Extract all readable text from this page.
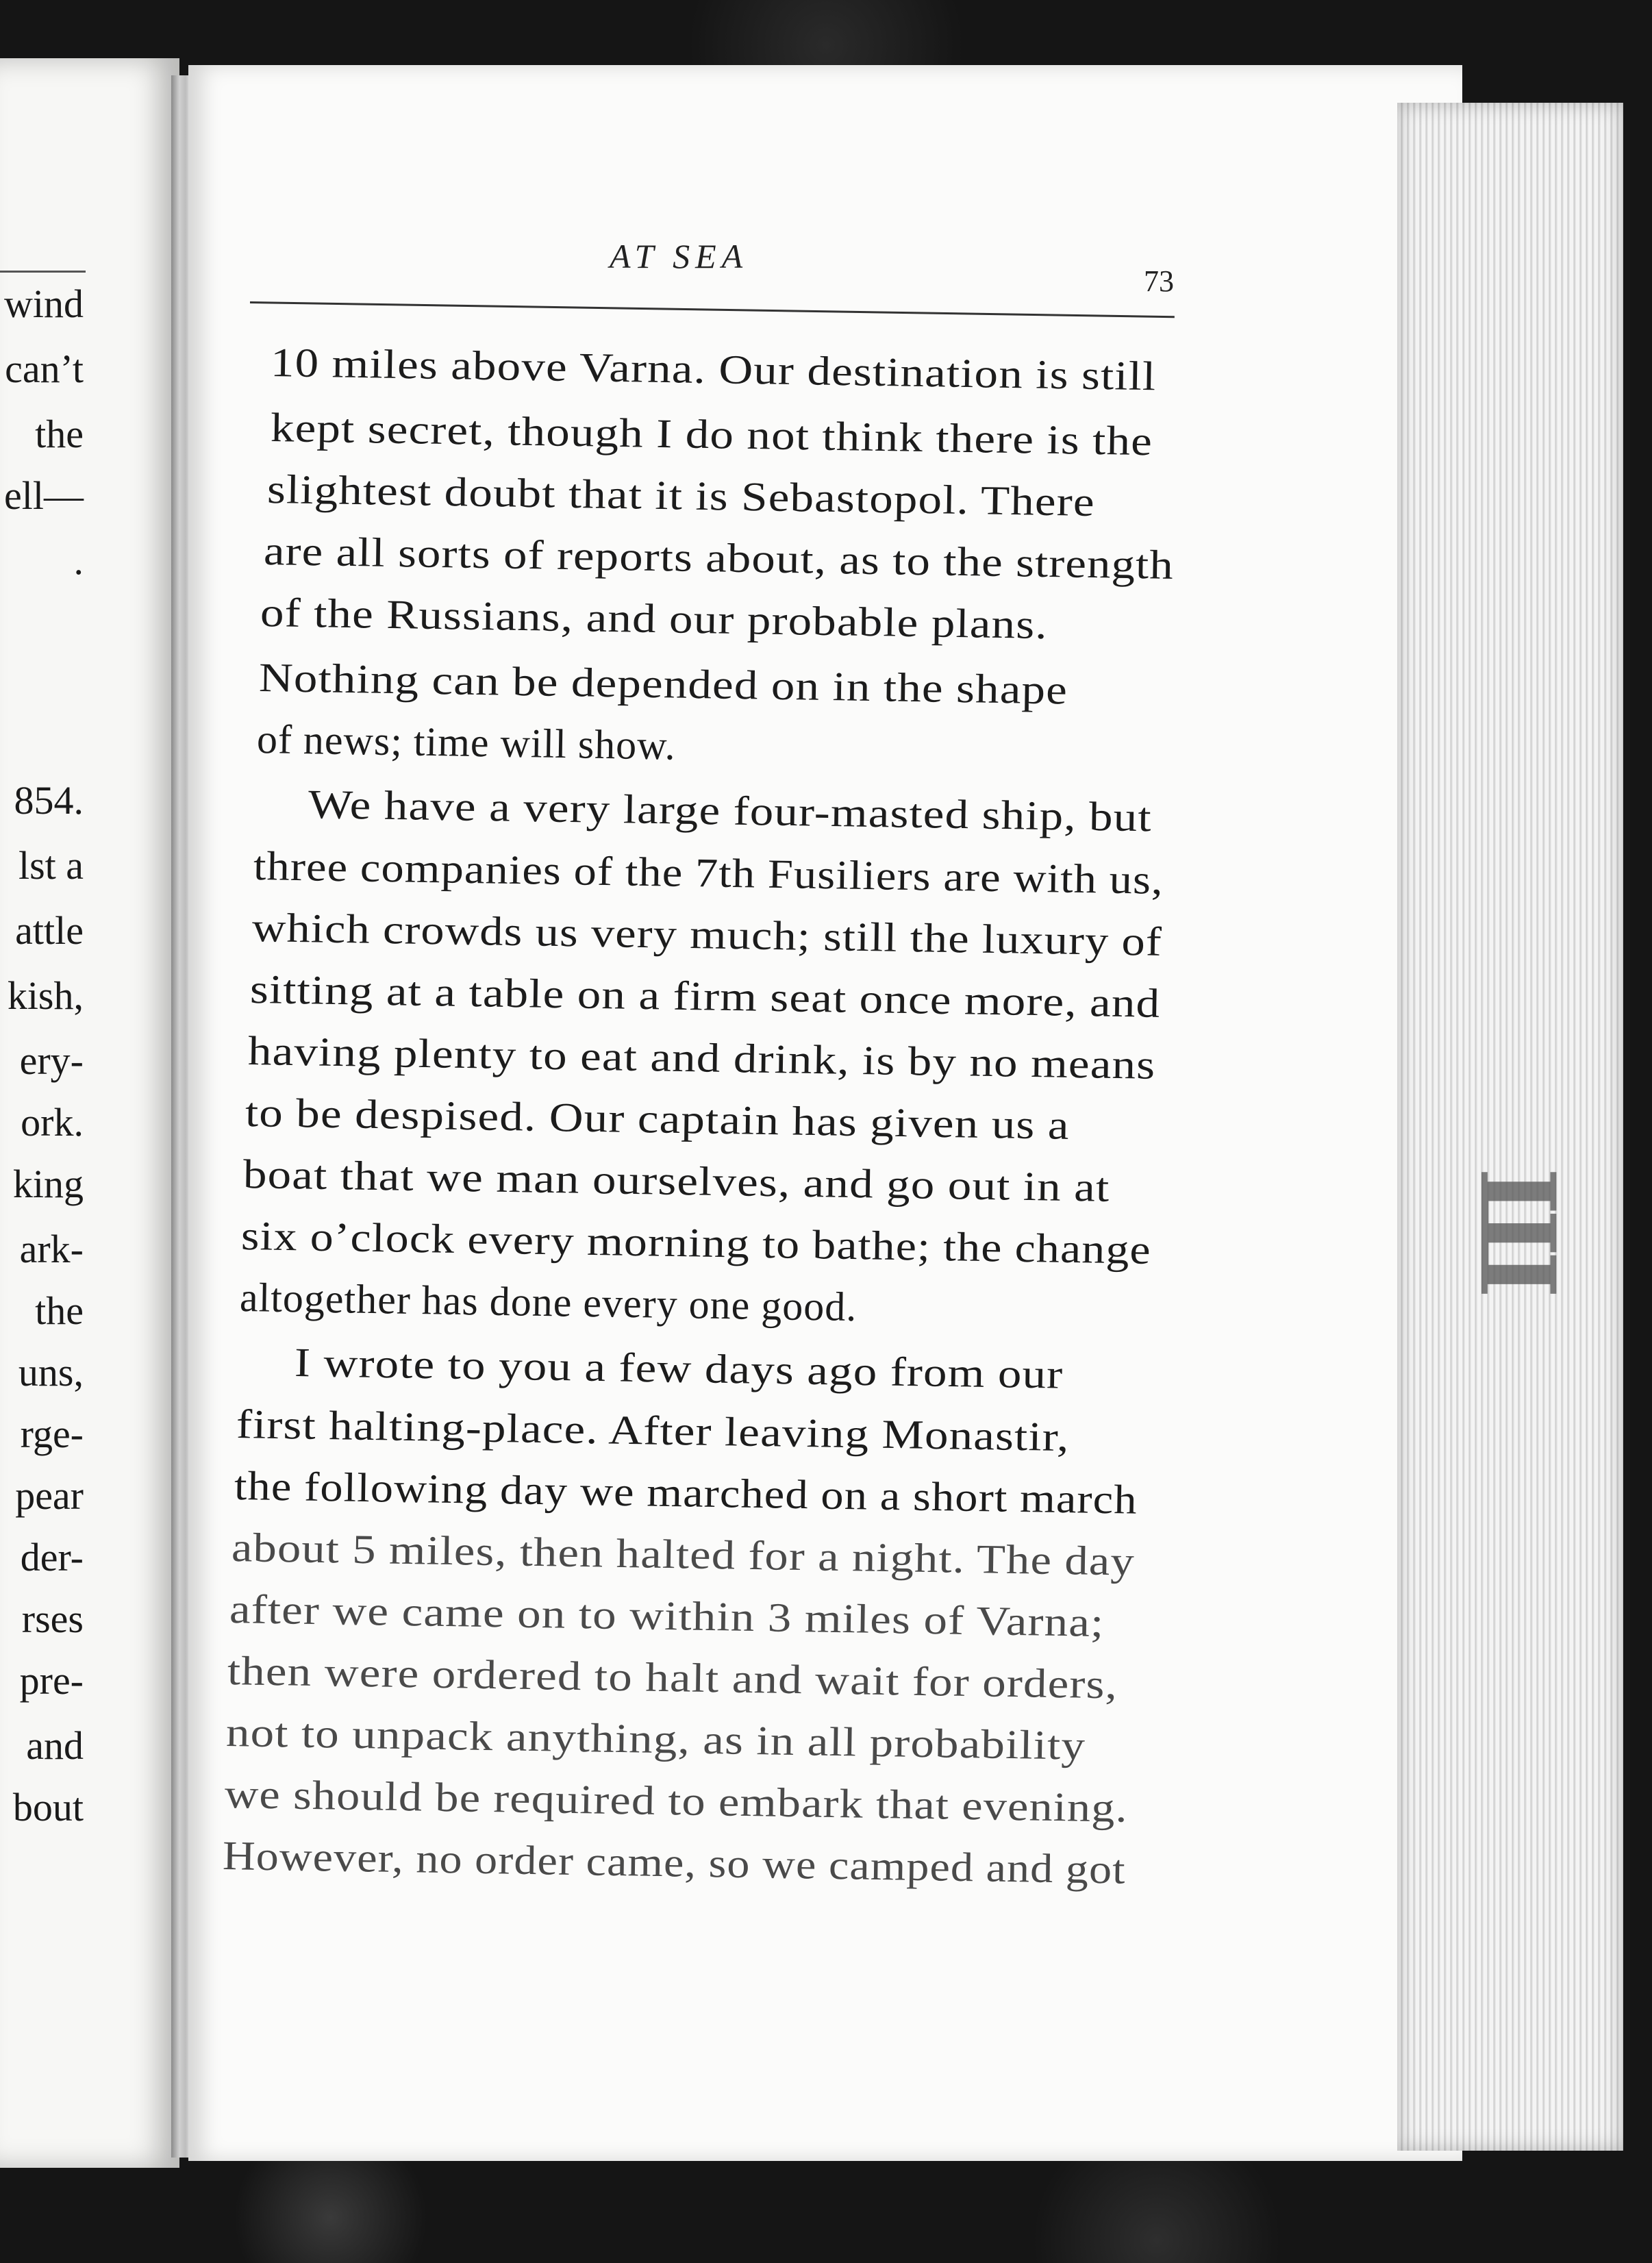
wind
can’t
the
ell—
.
854.
lst a
attle
kish,
ery-
ork.
king
ark-
the
uns,
rge-
pear
der-
rses
pre-
and
bout
Ш
AT SEA
73
10 miles above Varna. Our destination is still
kept secret, though I do not think there is the
slightest doubt that it is Sebastopol. There
are all sorts of reports about, as to the strength
of the Russians, and our probable plans.
Nothing can be depended on in the shape
of news; time will show.
We have a very large four-masted ship, but
three companies of the 7th Fusiliers are with us,
which crowds us very much; still the luxury of
sitting at a table on a firm seat once more, and
having plenty to eat and drink, is by no means
to be despised. Our captain has given us a
boat that we man ourselves, and go out in at
six o’clock every morning to bathe; the change
altogether has done every one good.
I wrote to you a few days ago from our
first halting-place. After leaving Monastir,
the following day we marched on a short march
about 5 miles, then halted for a night. The day
after we came on to within 3 miles of Varna;
then were ordered to halt and wait for orders,
not to unpack anything, as in all probability
we should be required to embark that evening.
However, no order came, so we camped and got
